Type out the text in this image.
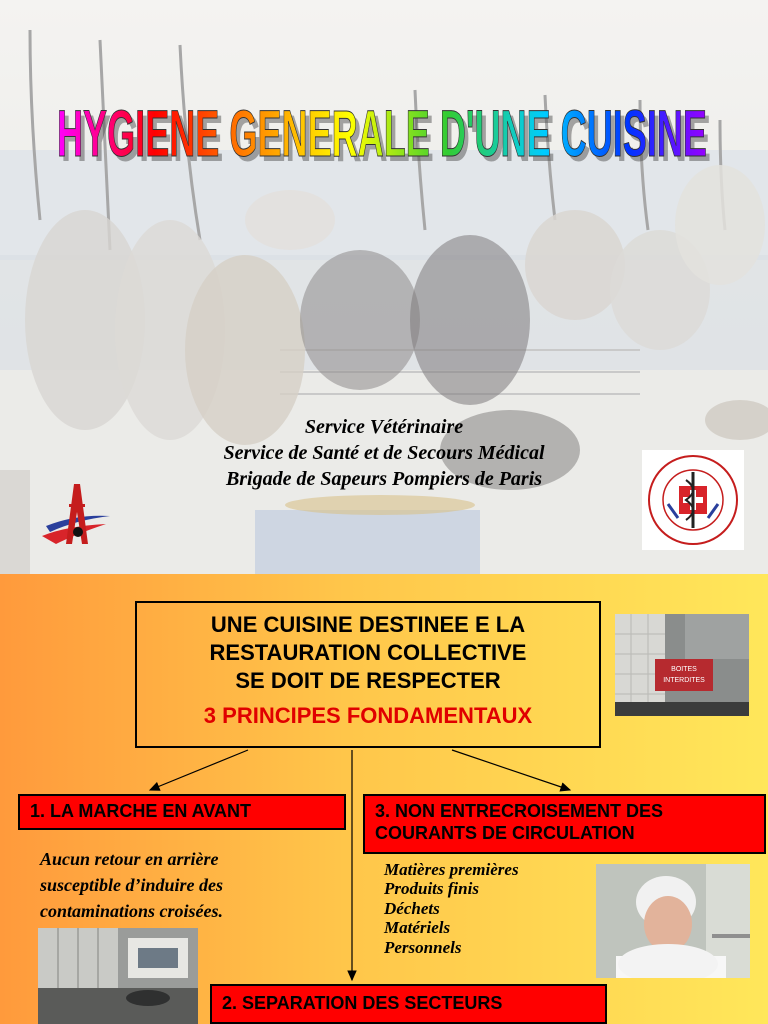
HYGIENE GENERALE D'UNE CUISINE
HYGIENE GENERALE D'UNE CUISINE
Service Vétérinaire
Service de Santé et de Secours Médical
Brigade de Sapeurs Pompiers de Paris
UNE CUISINE DESTINEE E LA
RESTAURATION COLLECTIVE
SE DOIT DE RESPECTER
3 PRINCIPES FONDAMENTAUX
1. LA MARCHE EN AVANT	3. NON ENTRECROISEMENT DES COURANTS DE CIRCULATION
2. SEPARATION DES SECTEURS
Aucun retour en arrière
susceptible d’induire des
contaminations croisées.
Matières premières
Produits finis
Déchets
Matériels
Personnels
BOITES
INTERDITES
